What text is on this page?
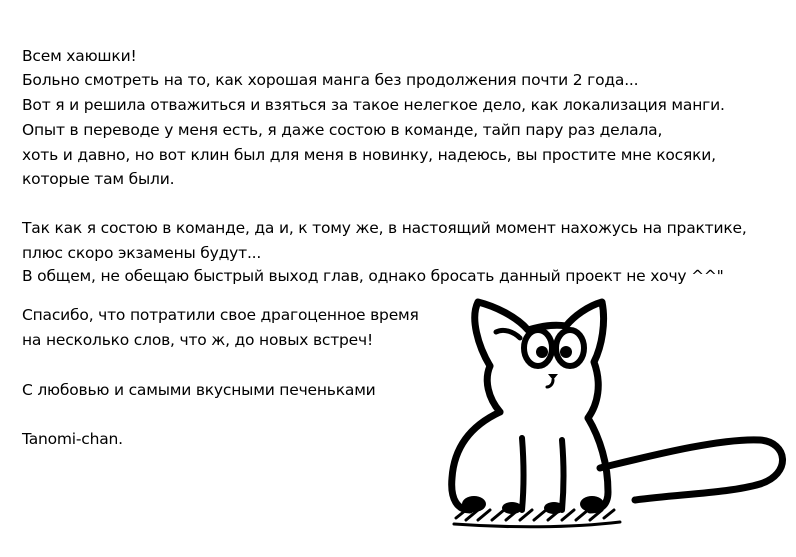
Всем хаюшки!
Больно смотреть на то, как хорошая манга без продолжения почти 2 года...
Вот я и решила отважиться и взяться за такое нелегкое дело, как локализация манги.
Опыт в переводе у меня есть, я даже состою в команде, тайп пару раз делала,
хоть и давно, но вот клин был для меня в новинку, надеюсь, вы простите мне косяки,
которые там были.
Так как я состою в команде, да и, к тому же, в настоящий момент нахожусь на практике,
плюс скоро экзамены будут...
В общем, не обещаю быстрый выход глав, однако бросать данный проект не хочу ^^"
Спасибо, что потратили свое драгоценное время
на несколько слов, что ж, до новых встреч!
С любовью и самыми вкусными печеньками
Tanomi-chan.
